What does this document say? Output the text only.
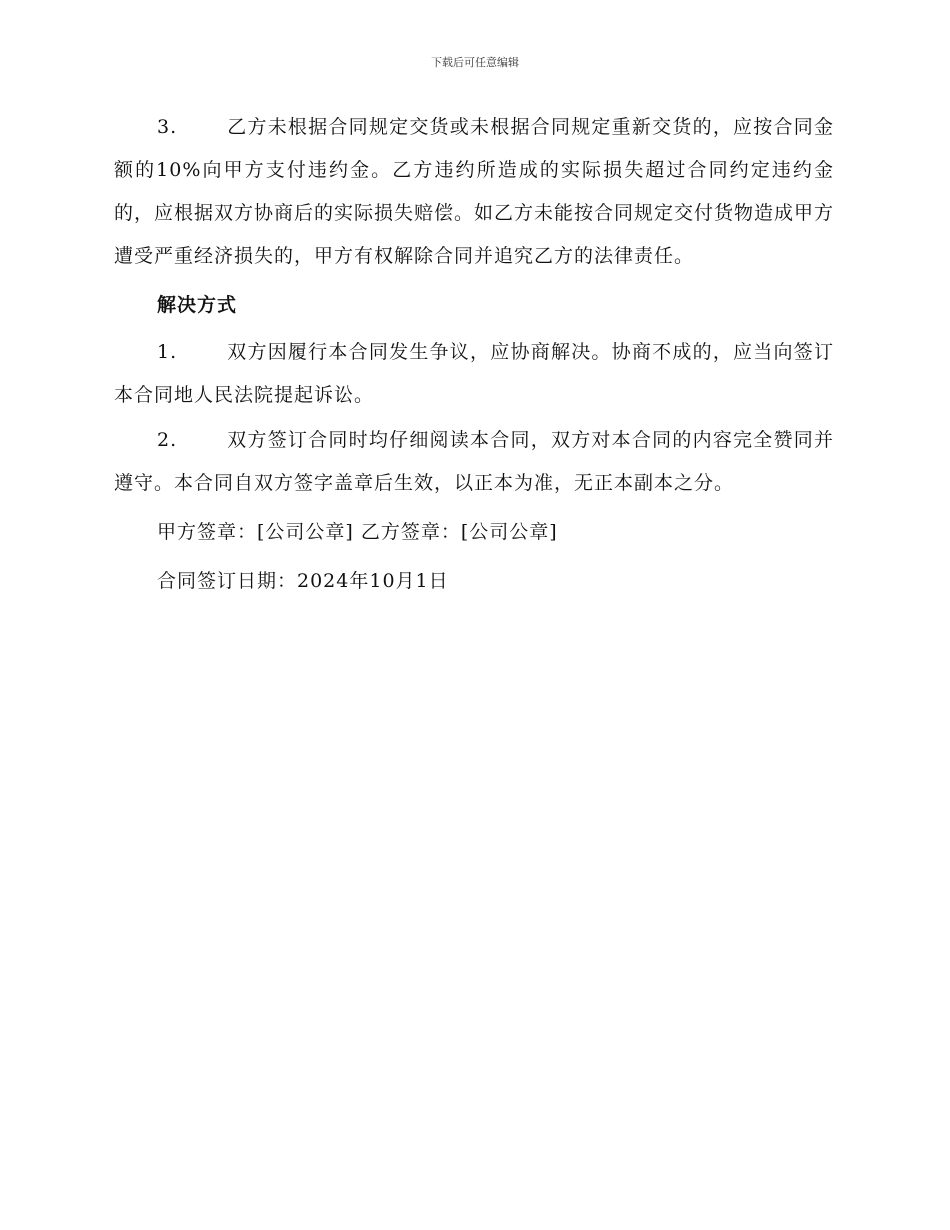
下载后可任意编辑

3.	乙方未根据合同规定交货或未根据合同规定重新交货的，应按合同金额的10%向甲方支付违约金。乙方违约所造成的实际损失超过合同约定违约金的，应根据双方协商后的实际损失赔偿。如乙方未能按合同规定交付货物造成甲方遭受严重经济损失的，甲方有权解除合同并追究乙方的法律责任。

解决方式

1.	双方因履行本合同发生争议，应协商解决。协商不成的，应当向签订本合同地人民法院提起诉讼。

2.	双方签订合同时均仔细阅读本合同，双方对本合同的内容完全赞同并遵守。本合同自双方签字盖章后生效，以正本为准，无正本副本之分。

甲方签章：[公司公章] 乙方签章：[公司公章]
合同签订日期：2024年10月1日
